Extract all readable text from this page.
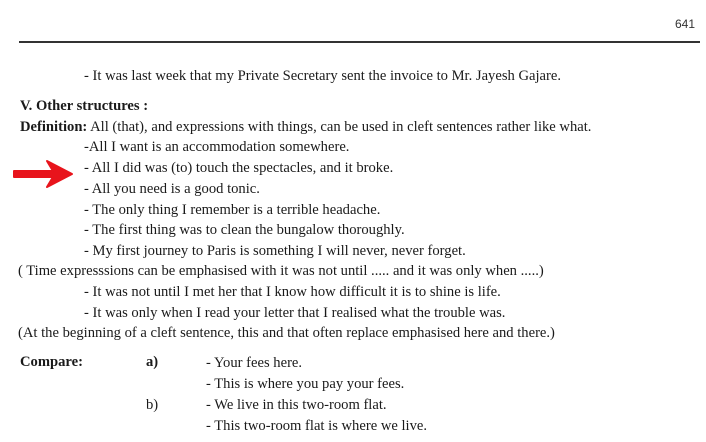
641
- It was last week that my Private Secretary sent the invoice to Mr. Jayesh Gajare.
V. Other structures :
Definition: All (that), and expressions with things, can be used in cleft sentences rather like what.
-All I want is an accommodation somewhere.
- All I did was (to) touch the spectacles, and it broke.
- All you need is a good tonic.
- The only thing I remember is a terrible headache.
- The first thing was to clean the bungalow thoroughly.
- My first journey to Paris is something I will never, never forget.
( Time expresssions can be emphasised with it was not until ..... and it was only when .....)
- It was not until I met her that I know how difficult it is to shine is life.
- It was only when I read your letter that I realised what the trouble was.
(At the beginning of a cleft sentence, this and that often replace emphasised here and there.)
Compare:	a)	- Your fees here.
- This is where you pay your fees.
b)	- We live in this two-room flat.
- This two-room flat is where we live.
